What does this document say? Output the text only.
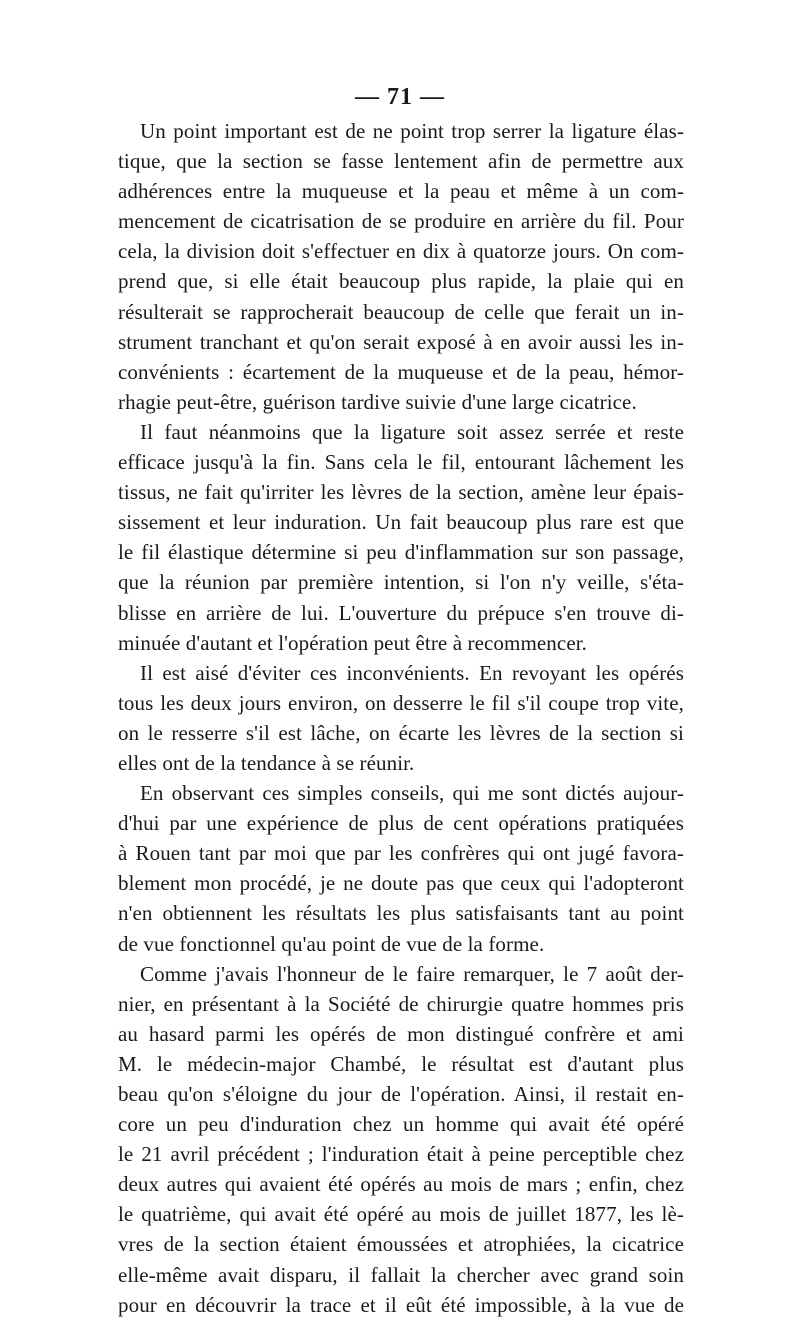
— 71 —
Un point important est de ne point trop serrer la ligature élas-
tique, que la section se fasse lentement afin de permettre aux
adhérences entre la muqueuse et la peau et même à un com-
mencement de cicatrisation de se produire en arrière du fil. Pour
cela, la division doit s'effectuer en dix à quatorze jours. On com-
prend que, si elle était beaucoup plus rapide, la plaie qui en
résulterait se rapprocherait beaucoup de celle que ferait un in-
strument tranchant et qu'on serait exposé à en avoir aussi les in-
convénients : écartement de la muqueuse et de la peau, hémor-
rhagie peut-être, guérison tardive suivie d'une large cicatrice.
Il faut néanmoins que la ligature soit assez serrée et reste
efficace jusqu'à la fin. Sans cela le fil, entourant lâchement les
tissus, ne fait qu'irriter les lèvres de la section, amène leur épais-
sissement et leur induration. Un fait beaucoup plus rare est que
le fil élastique détermine si peu d'inflammation sur son passage,
que la réunion par première intention, si l'on n'y veille, s'éta-
blisse en arrière de lui. L'ouverture du prépuce s'en trouve di-
minuée d'autant et l'opération peut être à recommencer.
Il est aisé d'éviter ces inconvénients. En revoyant les opérés
tous les deux jours environ, on desserre le fil s'il coupe trop vite,
on le resserre s'il est lâche, on écarte les lèvres de la section si
elles ont de la tendance à se réunir.
En observant ces simples conseils, qui me sont dictés aujour-
d'hui par une expérience de plus de cent opérations pratiquées
à Rouen tant par moi que par les confrères qui ont jugé favora-
blement mon procédé, je ne doute pas que ceux qui l'adopteront
n'en obtiennent les résultats les plus satisfaisants tant au point
de vue fonctionnel qu'au point de vue de la forme.
Comme j'avais l'honneur de le faire remarquer, le 7 août der-
nier, en présentant à la Société de chirurgie quatre hommes pris
au hasard parmi les opérés de mon distingué confrère et ami
M. le médecin-major Chambé, le résultat est d'autant plus
beau qu'on s'éloigne du jour de l'opération. Ainsi, il restait en-
core un peu d'induration chez un homme qui avait été opéré
le 21 avril précédent ; l'induration était à peine perceptible chez
deux autres qui avaient été opérés au mois de mars ; enfin, chez
le quatrième, qui avait été opéré au mois de juillet 1877, les lè-
vres de la section étaient émoussées et atrophiées, la cicatrice
elle-même avait disparu, il fallait la chercher avec grand soin
pour en découvrir la trace et il eût été impossible, à la vue de
